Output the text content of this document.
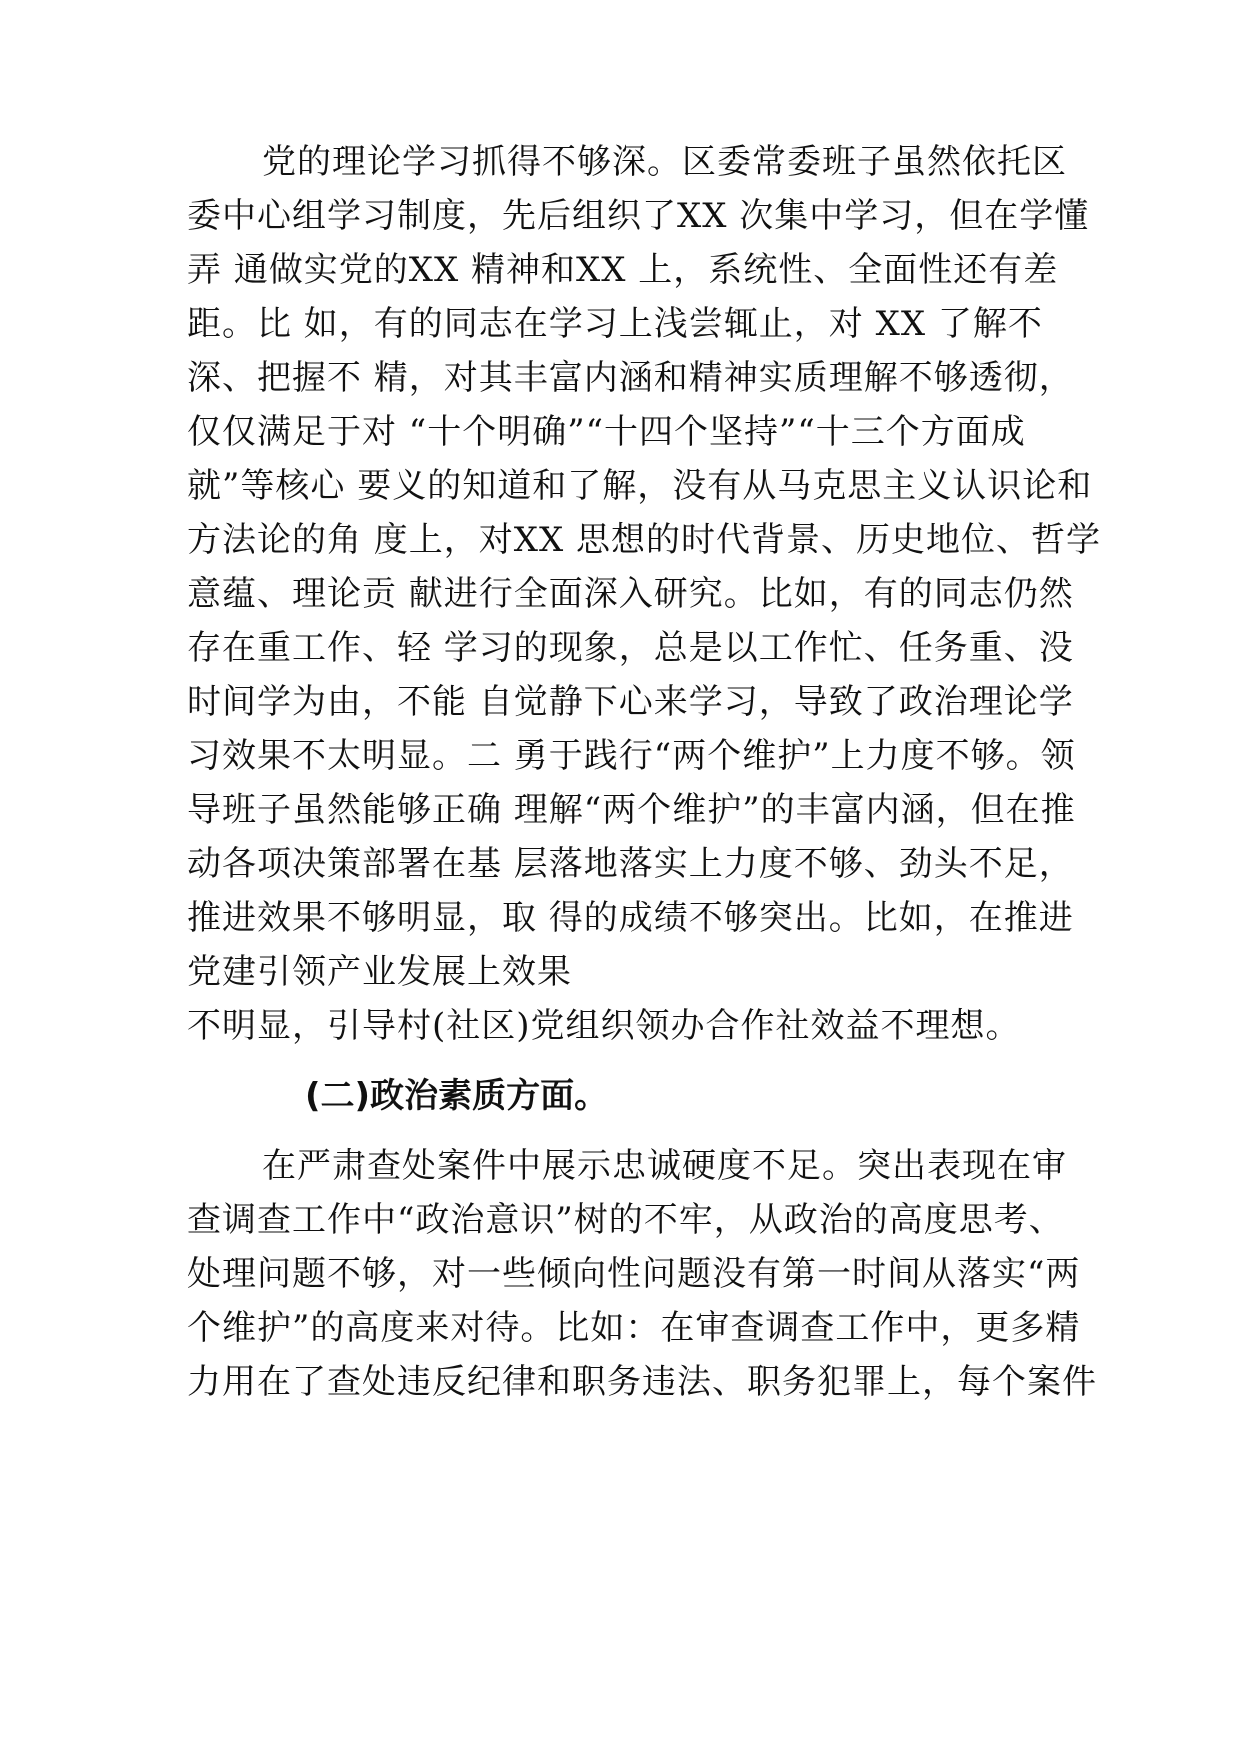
党的理论学习抓得不够深。区委常委班子虽然依托区
委中心组学习制度，先后组织了XX 次集中学习，但在学懂
弄 通做实党的XX 精神和XX 上，系统性、全面性还有差
距。比 如，有的同志在学习上浅尝辄止，对 XX 了解不
深、把握不 精，对其丰富内涵和精神实质理解不够透彻，
仅仅满足于对 “十个明确”“十四个坚持”“十三个方面成
就”等核心 要义的知道和了解，没有从马克思主义认识论和
方法论的角 度上，对XX 思想的时代背景、历史地位、哲学
意蕴、理论贡 献进行全面深入研究。比如，有的同志仍然
存在重工作、轻 学习的现象，总是以工作忙、任务重、没
时间学为由，不能 自觉静下心来学习，导致了政治理论学
习效果不太明显。二 勇于践行“两个维护”上力度不够。领
导班子虽然能够正确 理解“两个维护”的丰富内涵，但在推
动各项决策部署在基 层落地落实上力度不够、劲头不足，
推进效果不够明显，取 得的成绩不够突出。比如，在推进
党建引领产业发展上效果
不明显，引导村(社区)党组织领办合作社效益不理想。
(二)政治素质方面。
在严肃查处案件中展示忠诚硬度不足。突出表现在审
查调查工作中“政治意识”树的不牢，从政治的高度思考、
处理问题不够，对一些倾向性问题没有第一时间从落实“两
个维护”的高度来对待。比如：在审查调查工作中，更多精
力用在了查处违反纪律和职务违法、职务犯罪上，每个案件
